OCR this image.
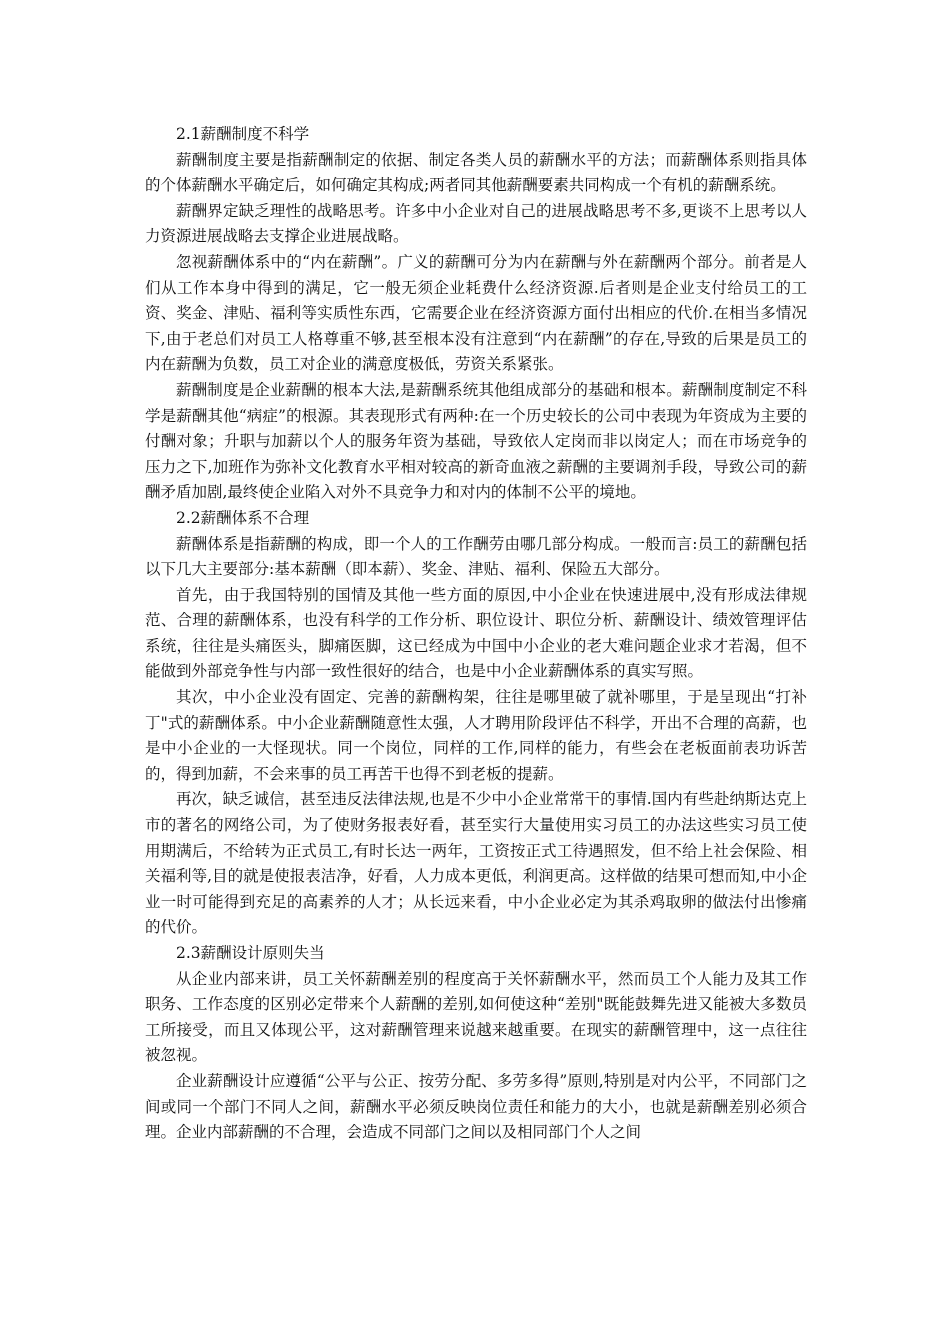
2.1薪酬制度不科学

薪酬制度主要是指薪酬制定的依据、制定各类人员的薪酬水平的方法；而薪酬体系则指具体的个体薪酬水平确定后，如何确定其构成;两者同其他薪酬要素共同构成一个有机的薪酬系统。

薪酬界定缺乏理性的战略思考。许多中小企业对自己的进展战略思考不多,更谈不上思考以人力资源进展战略去支撑企业进展战略。

忽视薪酬体系中的“内在薪酬”。广义的薪酬可分为内在薪酬与外在薪酬两个部分。前者是人们从工作本身中得到的满足，它一般无须企业耗费什么经济资源.后者则是企业支付给员工的工资、奖金、津贴、福利等实质性东西，它需要企业在经济资源方面付出相应的代价.在相当多情况下,由于老总们对员工人格尊重不够,甚至根本没有注意到“内在薪酬”的存在,导致的后果是员工的内在薪酬为负数，员工对企业的满意度极低，劳资关系紧张。

薪酬制度是企业薪酬的根本大法,是薪酬系统其他组成部分的基础和根本。薪酬制度制定不科学是薪酬其他“病症”的根源。其表现形式有两种:在一个历史较长的公司中表现为年资成为主要的付酬对象；升职与加薪以个人的服务年资为基础，导致依人定岗而非以岗定人；而在市场竞争的压力之下,加班作为弥补文化教育水平相对较高的新奇血液之薪酬的主要调剂手段，导致公司的薪酬矛盾加剧,最终使企业陷入对外不具竞争力和对内的体制不公平的境地。

2.2薪酬体系不合理

薪酬体系是指薪酬的构成，即一个人的工作酬劳由哪几部分构成。一般而言:员工的薪酬包括以下几大主要部分:基本薪酬（即本薪）、奖金、津贴、福利、保险五大部分。

首先，由于我国特别的国情及其他一些方面的原因,中小企业在快速进展中,没有形成法律规范、合理的薪酬体系，也没有科学的工作分析、职位设计、职位分析、薪酬设计、绩效管理评估系统，往往是头痛医头，脚痛医脚，这已经成为中国中小企业的老大难问题企业求才若渴，但不能做到外部竞争性与内部一致性很好的结合，也是中小企业薪酬体系的真实写照。

其次，中小企业没有固定、完善的薪酬构架，往往是哪里破了就补哪里，于是呈现出“打补丁"式的薪酬体系。中小企业薪酬随意性太强，人才聘用阶段评估不科学，开出不合理的高薪，也是中小企业的一大怪现状。同一个岗位，同样的工作,同样的能力，有些会在老板面前表功诉苦的，得到加薪，不会来事的员工再苦干也得不到老板的提薪。

再次，缺乏诚信，甚至违反法律法规,也是不少中小企业常常干的事情.国内有些赴纳斯达克上市的著名的网络公司，为了使财务报表好看，甚至实行大量使用实习员工的办法这些实习员工使用期满后，不给转为正式员工,有时长达一两年，工资按正式工待遇照发，但不给上社会保险、相关福利等,目的就是使报表洁净，好看，人力成本更低，利润更高。这样做的结果可想而知,中小企业一时可能得到充足的高素养的人才；从长远来看，中小企业必定为其杀鸡取卵的做法付出惨痛的代价。

2.3薪酬设计原则失当

从企业内部来讲，员工关怀薪酬差别的程度高于关怀薪酬水平，然而员工个人能力及其工作职务、工作态度的区别必定带来个人薪酬的差别,如何使这种“差别"既能鼓舞先进又能被大多数员工所接受，而且又体现公平，这对薪酬管理来说越来越重要。在现实的薪酬管理中，这一点往往被忽视。

企业薪酬设计应遵循“公平与公正、按劳分配、多劳多得”原则,特别是对内公平，不同部门之间或同一个部门不同人之间，薪酬水平必须反映岗位责任和能力的大小，也就是薪酬差别必须合理。企业内部薪酬的不合理，会造成不同部门之间以及相同部门个人之间
